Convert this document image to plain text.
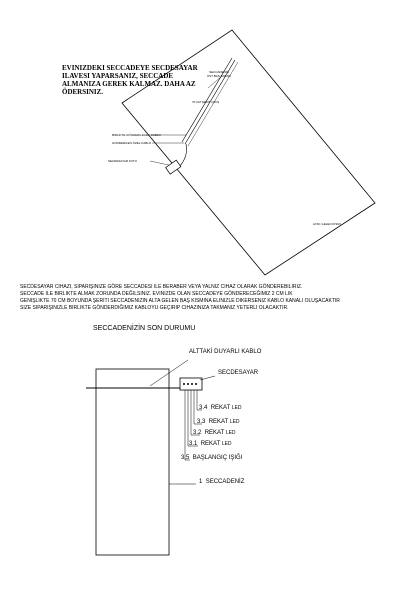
EVINIZDEKI SECCADEYE SECDESAYAR
ILAVESI YAPARSANIZ, SECCADE
ALMANIZA GEREK KALMAZ. DAHA AZ
ÖDERSINIZ.
SECCADENIN ÜST BAŞ TARAFI
70 CM ŞERİT ÇIKIŞ
BIRLIKTE GÖNDERILECEK KABLO
GÖNDERILEN ÖZEL KABLO
SECDESAYAR KUTU
AYAK GELEN KISMI
SECDESAYAR CIHAZI, SIPARIŞINIZE GÖRE SECCADESI ILE BERABER VEYA YALNIZ CIHAZ OLARAK GÖNDEREBILIRIZ.
SECCADE ILE BIRLIKTE ALMAK ZORUNDA DEĞILSINIZ. EVINIZDE OLAN SECCADEYE GÖNDERECEĞIMIZ 2 CM LIK
GENIŞLIKTE 70 CM BOYUNDA ŞERITI SECCADENIZIN ALTA GELEN BAŞ KISMINA ELINIZLE DIKERSENIZ KABLO KANALI OLUŞACAKTIR
SIZE SIPARIŞINIZLE BIRLIKTE GÖNDERDIĞIMIZ KABLOYU GEÇIRIP CIHAZINIZA TAKMANIZ YETERLI OLACAKTIR.
SECCADENİZİN SON DURUMU
ALTTAKİ DUYARLI KABLO
SECDESAYAR
3.4 REKAT LED
3.3 REKAT LED
3.2 REKAT LED
3.1 REKAT LED
3.5 BAŞLANGIÇ IŞIĞI
1 SECCADENİZ
